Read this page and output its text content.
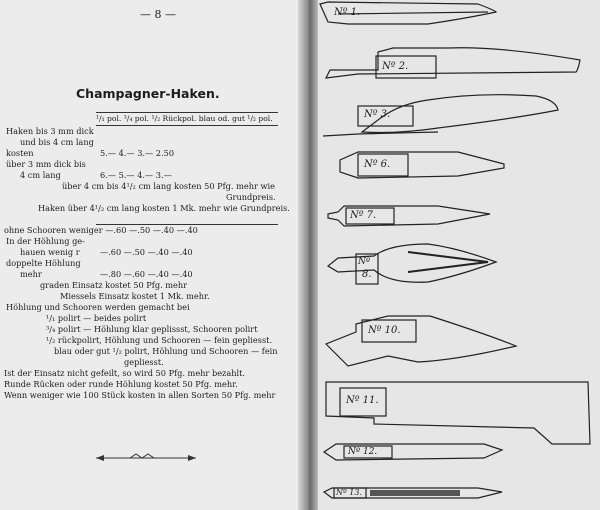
— 8 —
Champagner-Haken.
¹/₁ pol. ³/₄ pol. ¹/₂ Rückpol. blau od. gut ¹/₂ pol.
Haken bis 3 mm dick
und bis 4 cm lang
kosten	5.— 4.— 3.— 2.50
über 3 mm dick bis
4 cm lang	6.— 5.— 4.— 3.—
über 4 cm bis 4¹/₂ cm lang kosten 50 Pfg. mehr wie
Grundpreis.
Haken über 4¹/₂ cm lang kosten 1 Mk. mehr wie Grundpreis.
ohne Schooren weniger —.60 —.50 —.40 —.40
In der Höhlung ge-
hauen wenig r —.60 —.50 —.40 —.40
doppelte Höhlung
mehr	—.80 —.60 —.40 —.40
graden Einsatz kostet 50 Pfg. mehr
Miessels Einsatz kostet 1 Mk. mehr.
Höhlung und Schooren werden gemacht bei
¹/₁ polirt — beides polirt
³/₄ polirt — Höhlung klar geplissst, Schooren polirt
¹/₂ rückpolirt, Höhlung und Schooren — fein gepliesst.
blau oder gut ¹/₂ polirt, Höhlung und Schooren — fein
gepliesst.
Ist der Einsatz nicht gefeilt, so wird 50 Pfg. mehr bezahlt.
Runde Rücken oder runde Höhlung kostet 50 Pfg. mehr.
Wenn weniger wie 100 Stück kosten in allen Sorten 50 Pfg. mehr
Nº 1.
Nº 2.
Nº 3.
Nº 6.
Nº 7.
Nº
8.
Nº 10.
Nº 11.
Nº 12.
Nº 13.
